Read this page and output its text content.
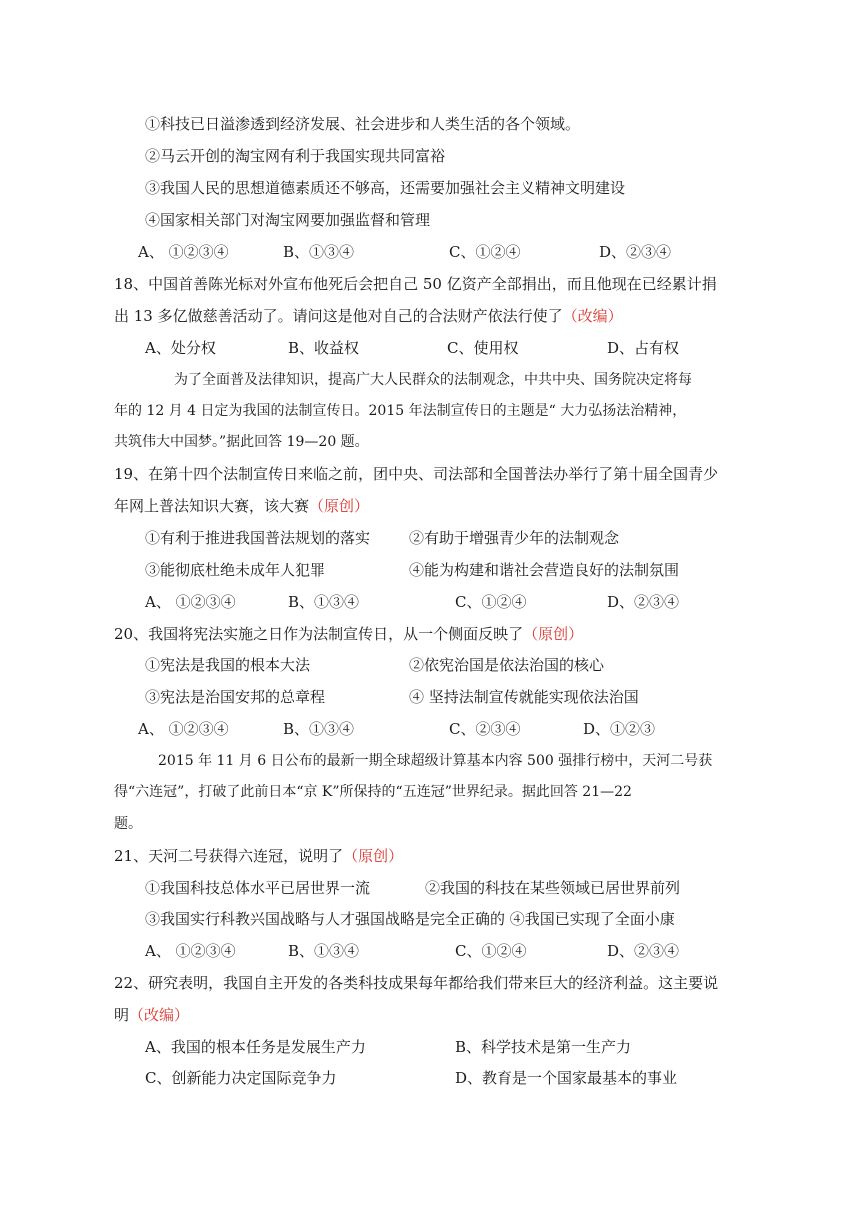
①科技已日溢渗透到经济发展、社会进步和人类生活的各个领域。
②马云开创的淘宝网有利于我国实现共同富裕
③我国人民的思想道德素质还不够高，还需要加强社会主义精神文明建设
④国家相关部门对淘宝网要加强监督和管理
A、 ①②③④	B、①③④	C、①②④	D、②③④
18、中国首善陈光标对外宣布他死后会把自己 50 亿资产全部捐出，而且他现在已经累计捐
出 13 多亿做慈善活动了。请问这是他对自己的合法财产依法行使了（改编）
A、处分权	B、收益权	C、使用权	D、占有权
为了全面普及法律知识，提高广大人民群众的法制观念，中共中央、国务院决定将每
年的 12 月 4 日定为我国的法制宣传日。2015 年法制宣传日的主题是“ 大力弘扬法治精神，
共筑伟大中国梦。”据此回答 19—20 题。
19、在第十四个法制宣传日来临之前，团中央、司法部和全国普法办举行了第十届全国青少
年网上普法知识大赛，该大赛（原创）
①有利于推进我国普法规划的落实	②有助于增强青少年的法制观念
③能彻底杜绝未成年人犯罪	④能为构建和谐社会营造良好的法制氛围
A、 ①②③④	B、①③④	C、①②④	D、②③④
20、我国将宪法实施之日作为法制宣传日，从一个侧面反映了（原创）
①宪法是我国的根本大法	②依宪治国是依法治国的核心
③宪法是治国安邦的总章程	④ 坚持法制宣传就能实现依法治国
A、 ①②③④	B、①③④	C、②③④	D、①②③
2015 年 11 月 6 日公布的最新一期全球超级计算基本内容 500 强排行榜中，天河二号获
得“六连冠”，打破了此前日本“京 K”所保持的“五连冠”世界纪录。据此回答 21—22
题。
21、天河二号获得六连冠，说明了（原创）
①我国科技总体水平已居世界一流	②我国的科技在某些领域已居世界前列
③我国实行科教兴国战略与人才强国战略是完全正确的 ④我国已实现了全面小康
A、 ①②③④	B、①③④	C、①②④	D、②③④
22、研究表明，我国自主开发的各类科技成果每年都给我们带来巨大的经济利益。这主要说
明（改编）
A、我国的根本任务是发展生产力	B、科学技术是第一生产力
C、创新能力决定国际竞争力	D、教育是一个国家最基本的事业
